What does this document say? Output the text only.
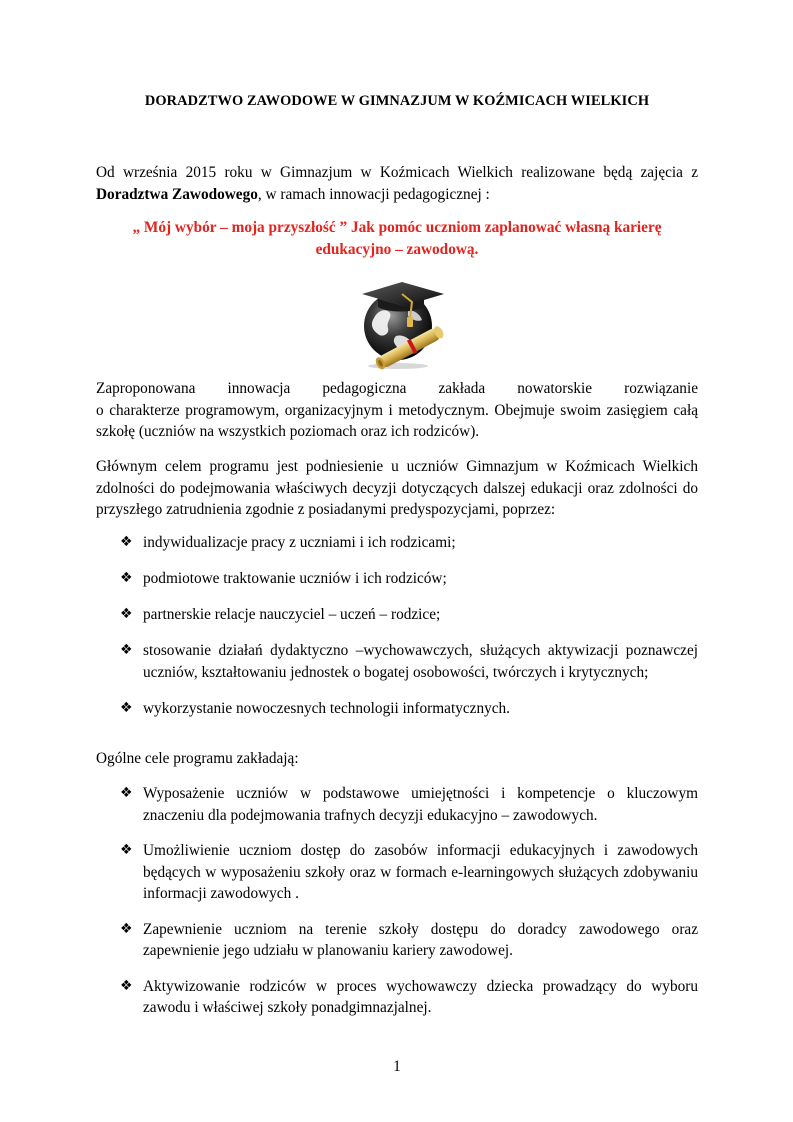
DORADZTWO ZAWODOWE W GIMNAZJUM W KOŹMICACH WIELKICH

Od września 2015 roku w Gimnazjum w Koźmicach Wielkich realizowane będą zajęcia z

Doradztwa Zawodowego, w ramach innowacji pedagogicznej :

„ Mój wybór – moja przyszłość ” Jak pomóc uczniom zaplanować własną karierę
edukacyjno – zawodową.

Zaproponowana innowacja pedagogiczna zakłada nowatorskie rozwiązanie

o charakterze programowym, organizacyjnym i metodycznym. Obejmuje swoim zasięgiem całą szkołę (uczniów na wszystkich poziomach oraz ich rodziców).

Głównym celem programu jest podniesienie u uczniów Gimnazjum w Koźmicach Wielkich zdolności do podejmowania właściwych decyzji dotyczących dalszej edukacji oraz zdolności do przyszłego zatrudnienia zgodnie z posiadanymi predyspozycjami, poprzez:

❖ indywidualizacje pracy z uczniami i ich rodzicami;
❖ podmiotowe traktowanie uczniów i ich rodziców;
❖ partnerskie relacje nauczyciel – uczeń – rodzice;
❖ stosowanie działań dydaktyczno –wychowawczych, służących aktywizacji poznawczej uczniów, kształtowaniu jednostek o bogatej osobowości, twórczych i krytycznych;
❖ wykorzystanie nowoczesnych technologii informatycznych.

Ogólne cele programu zakładają:

❖ Wyposażenie uczniów w podstawowe umiejętności i kompetencje o kluczowym znaczeniu dla podejmowania trafnych decyzji edukacyjno – zawodowych.
❖ Umożliwienie uczniom dostęp do zasobów informacji edukacyjnych i zawodowych będących w wyposażeniu szkoły oraz w formach e-learningowych służących zdobywaniu informacji zawodowych .
❖ Zapewnienie uczniom na terenie szkoły dostępu do doradcy zawodowego oraz zapewnienie jego udziału w planowaniu kariery zawodowej.
❖ Aktywizowanie rodziców w proces wychowawczy dziecka prowadzący do wyboru zawodu i właściwej szkoły ponadgimnazjalnej.
1
